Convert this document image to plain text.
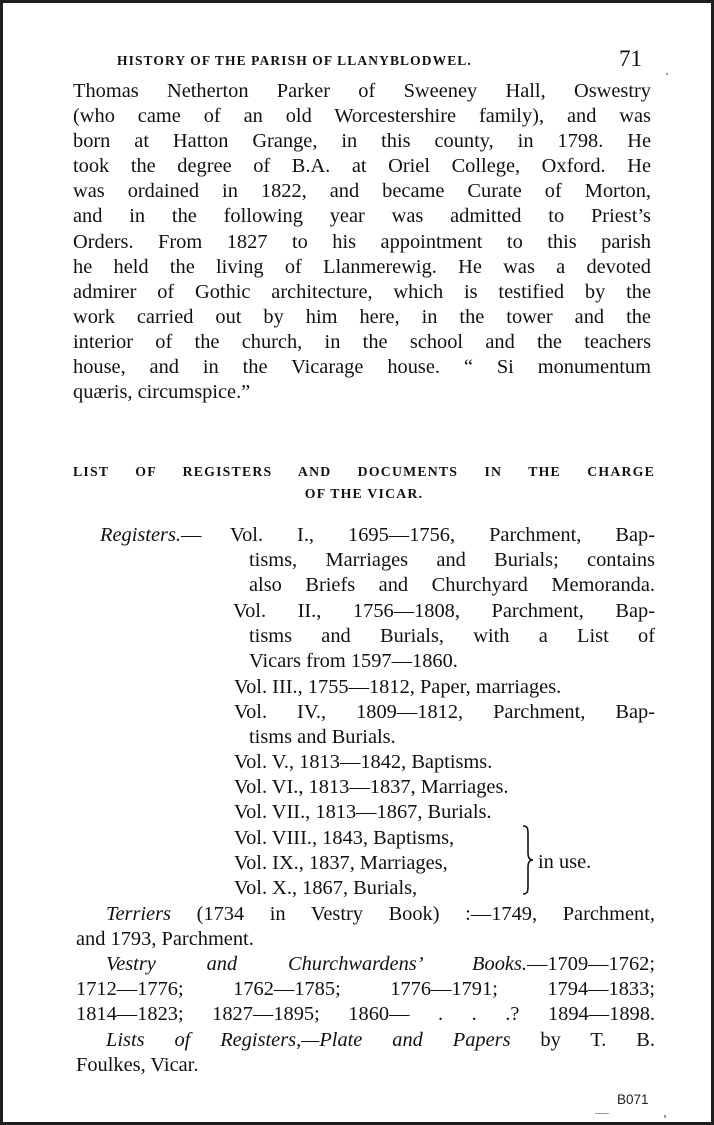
HISTORY OF THE PARISH OF LLANYBLODWEL.	71
Thomas Netherton Parker of Sweeney Hall, Oswestry
(who came of an old Worcestershire family), and was
born at Hatton Grange, in this county, in 1798. He
took the degree of B.A. at Oriel College, Oxford. He
was ordained in 1822, and became Curate of Morton,
and in the following year was admitted to Priest’s
Orders. From 1827 to his appointment to this parish
he held the living of Llanmerewig. He was a devoted
admirer of Gothic architecture, which is testified by the
work carried out by him here, in the tower and the
interior of the church, in the school and the teachers
house, and in the Vicarage house. “ Si monumentum
quæris, circumspice.”
LIST OF REGISTERS AND DOCUMENTS IN THE CHARGE
OF THE VICAR.
Registers.— Vol. I., 1695—1756, Parchment, Bap-
tisms, Marriages and Burials; contains
also Briefs and Churchyard Memoranda.
Vol. II., 1756—1808, Parchment, Bap-
tisms and Burials, with a List of
Vicars from 1597—1860.
Vol. III., 1755—1812, Paper, marriages.
Vol. IV., 1809—1812, Parchment, Bap-
tisms and Burials.
Vol. V., 1813—1842, Baptisms.
Vol. VI., 1813—1837, Marriages.
Vol. VII., 1813—1867, Burials.
Vol. VIII., 1843, Baptisms,
Vol. IX., 1837, Marriages,
Vol. X., 1867, Burials,
in use.
Terriers (1734 in Vestry Book) :—1749, Parchment,
and 1793, Parchment.
Vestry and Churchwardens’ Books.—1709—1762;
1712—1776; 1762—1785; 1776—1791; 1794—1833;
1814—1823; 1827—1895; 1860— . . .? 1894—1898.
Lists of Registers,—Plate and Papers by T. B.
Foulkes, Vicar.
B071
